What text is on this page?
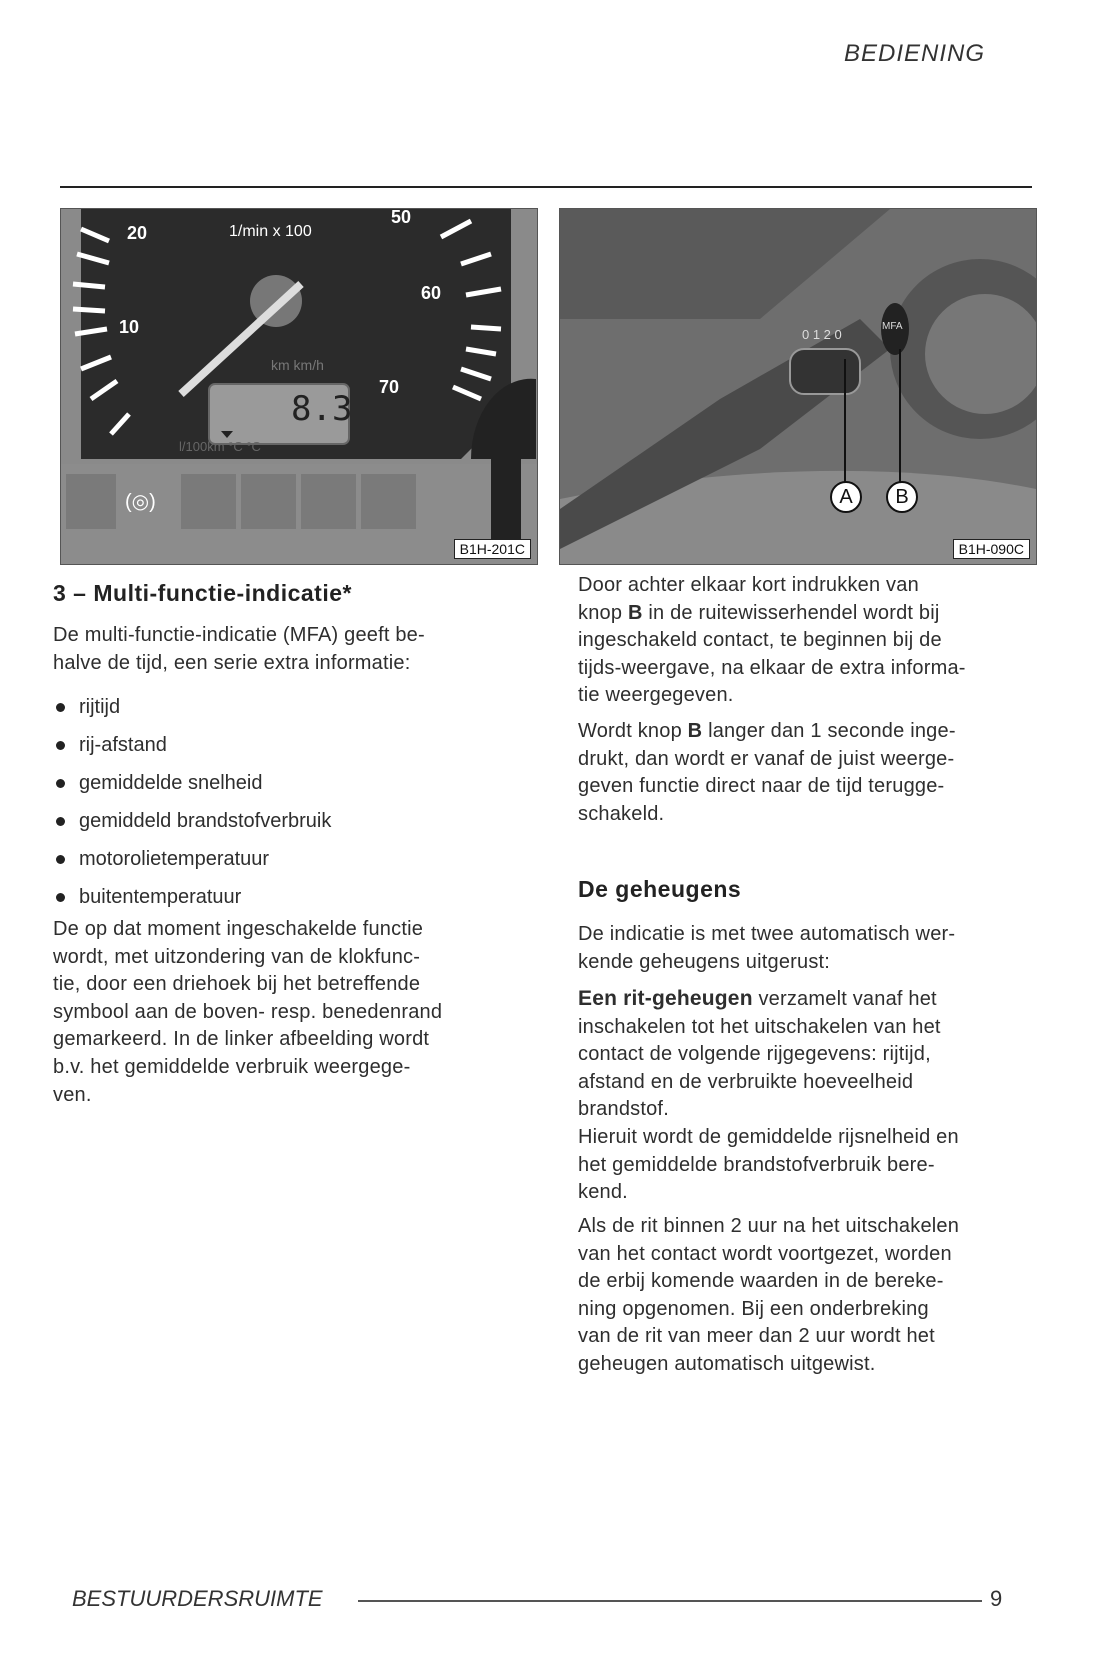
BEDIENING
20
10
50
60
70
1/min x 100
km km/h
8.3
l/100km °C °C
(◎)
B1H-201C
0 1 2 0
MFA
A	B
B1H-090C
3 – Multi-functie-indicatie*
De multi-functie-indicatie (MFA) geeft be-
halve de tijd, een serie extra informatie:
rijtijd
rij-afstand
gemiddelde snelheid
gemiddeld brandstofverbruik
motorolietemperatuur
buitentemperatuur
De op dat moment ingeschakelde functie
wordt, met uitzondering van de klokfunc-
tie, door een driehoek bij het betreffende
symbool aan de boven- resp. benedenrand
gemarkeerd. In de linker afbeelding wordt
b.v. het gemiddelde verbruik weergege-
ven.
Door achter elkaar kort indrukken van
knop B in de ruitewisserhendel wordt bij
ingeschakeld contact, te beginnen bij de
tijds-weergave, na elkaar de extra informa-
tie weergegeven.
Wordt knop B langer dan 1 seconde inge-
drukt, dan wordt er vanaf de juist weerge-
geven functie direct naar de tijd terugge-
schakeld.
De geheugens
De indicatie is met twee automatisch wer-
kende geheugens uitgerust:
Een rit-geheugen verzamelt vanaf het
inschakelen tot het uitschakelen van het
contact de volgende rijgegevens: rijtijd,
afstand en de verbruikte hoeveelheid
brandstof.
Hieruit wordt de gemiddelde rijsnelheid en
het gemiddelde brandstofverbruik bere-
kend.
Als de rit binnen 2 uur na het uitschakelen
van het contact wordt voortgezet, worden
de erbij komende waarden in de bereke-
ning opgenomen. Bij een onderbreking
van de rit van meer dan 2 uur wordt het
geheugen automatisch uitgewist.
BESTUURDERSRUIMTE	9
